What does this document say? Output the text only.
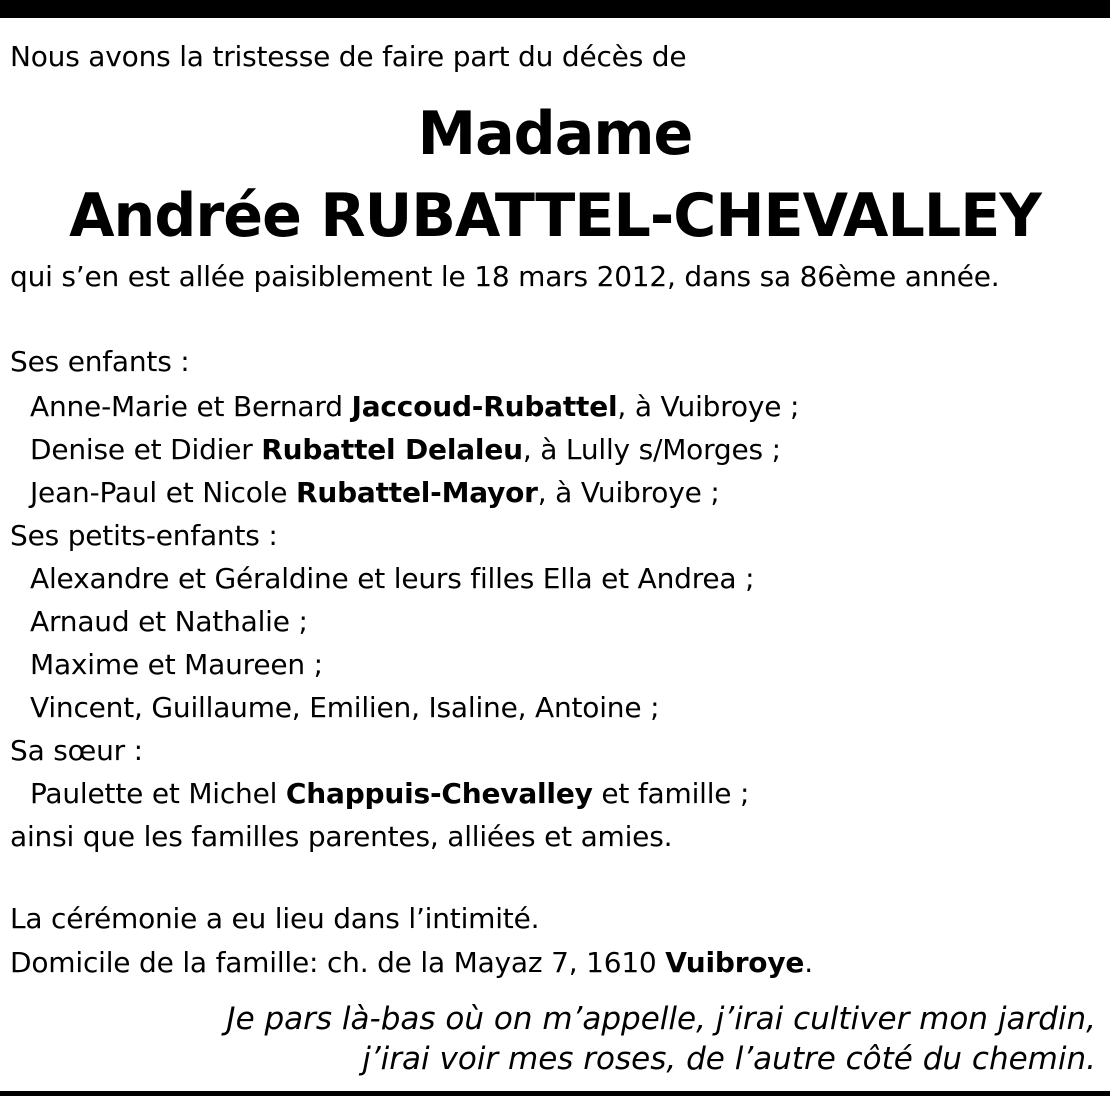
Nous avons la tristesse de faire part du décès de
Madame
Andrée RUBATTEL-CHEVALLEY
qui s’en est allée paisiblement le 18 mars 2012, dans sa 86ème année.
Ses enfants :
Anne-Marie et Bernard Jaccoud-Rubattel, à Vuibroye ;
Denise et Didier Rubattel Delaleu, à Lully s/Morges ;
Jean-Paul et Nicole Rubattel-Mayor, à Vuibroye ;
Ses petits-enfants :
Alexandre et Géraldine et leurs filles Ella et Andrea ;
Arnaud et Nathalie ;
Maxime et Maureen ;
Vincent, Guillaume, Emilien, Isaline, Antoine ;
Sa sœur :
Paulette et Michel Chappuis-Chevalley et famille ;
ainsi que les familles parentes, alliées et amies.
La cérémonie a eu lieu dans l’intimité.
Domicile de la famille: ch. de la Mayaz 7, 1610 Vuibroye.
Je pars là-bas où on m’appelle, j’irai cultiver mon jardin,
j’irai voir mes roses, de l’autre côté du chemin.
